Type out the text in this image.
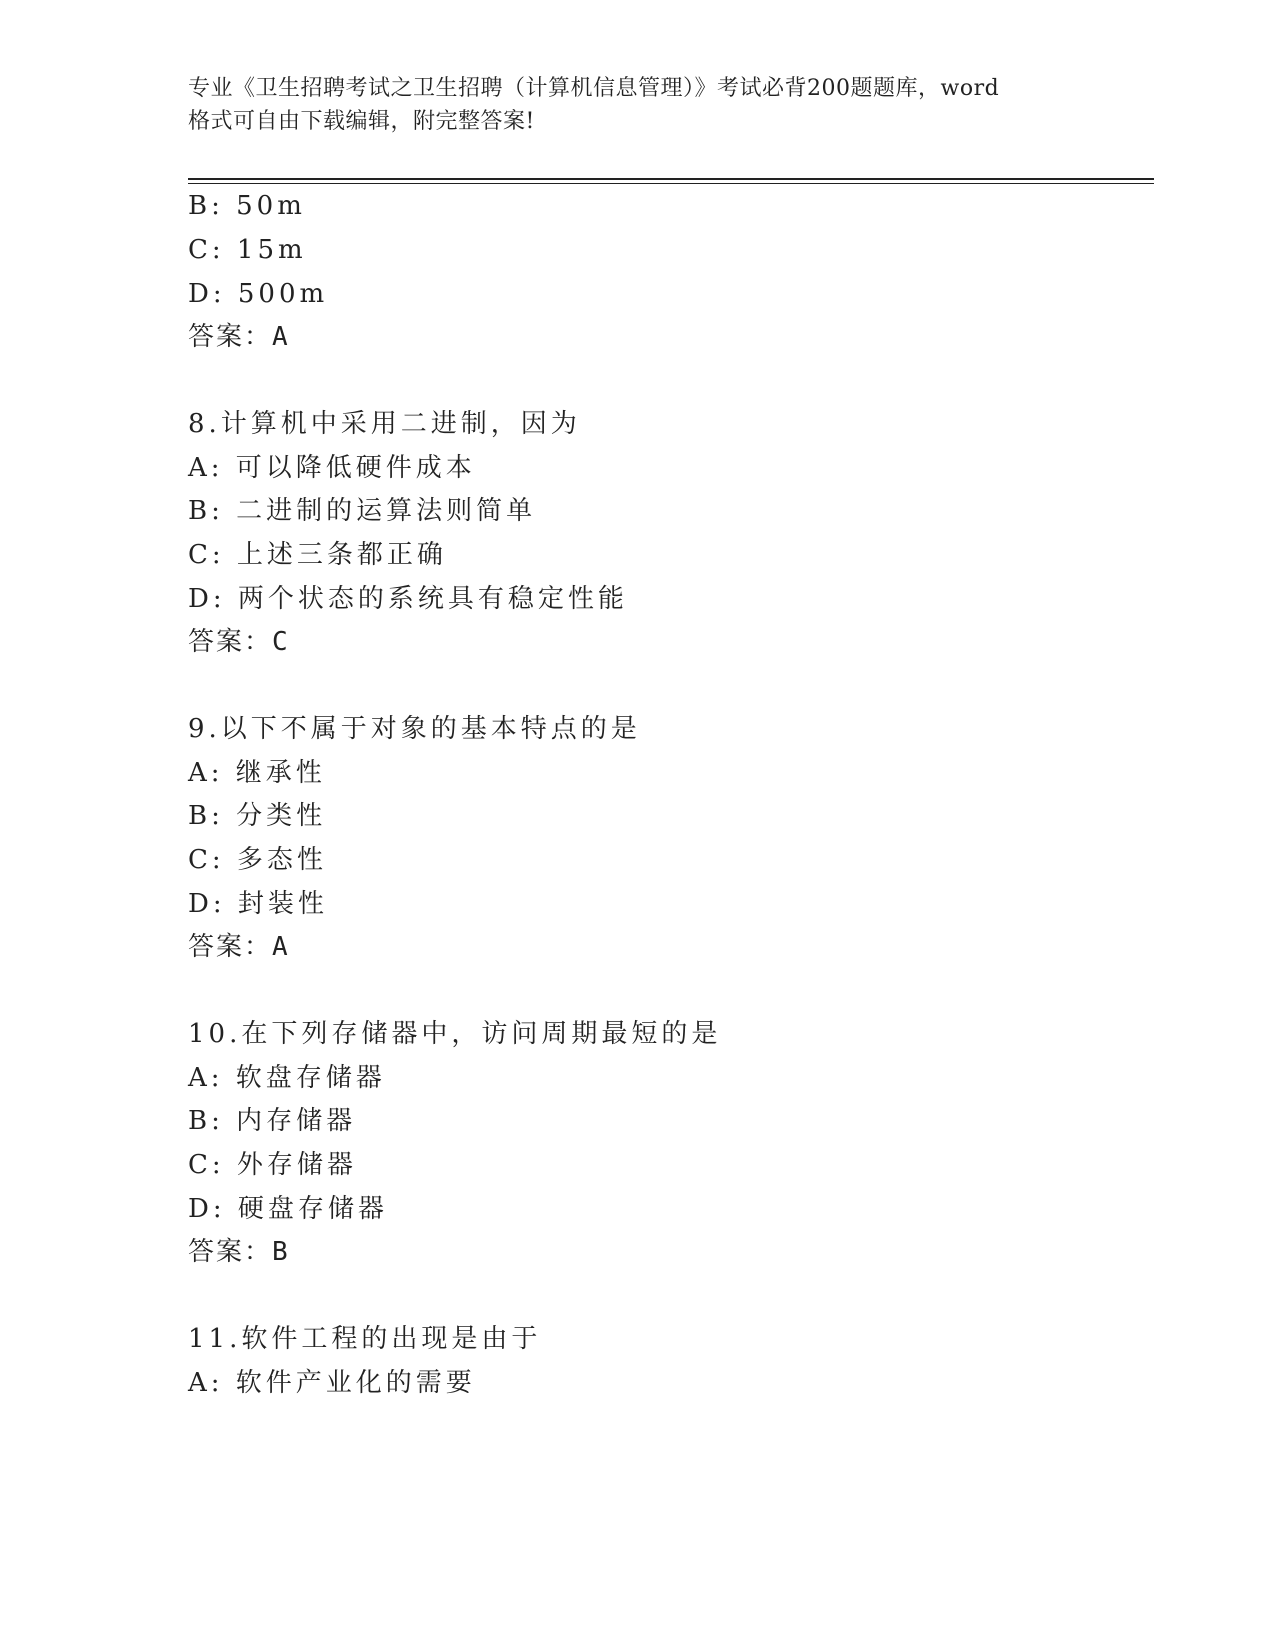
专业《卫生招聘考试之卫生招聘（计算机信息管理）》考试必背200题题库，word
格式可自由下载编辑，附完整答案!
B: 50m
C: 15m
D: 500m
答案：A
8.计算机中采用二进制，因为
A: 可以降低硬件成本
B: 二进制的运算法则简单
C: 上述三条都正确
D: 两个状态的系统具有稳定性能
答案：C
9.以下不属于对象的基本特点的是
A: 继承性
B: 分类性
C: 多态性
D: 封装性
答案：A
10.在下列存储器中，访问周期最短的是
A: 软盘存储器
B: 内存储器
C: 外存储器
D: 硬盘存储器
答案：B
11.软件工程的出现是由于
A: 软件产业化的需要
